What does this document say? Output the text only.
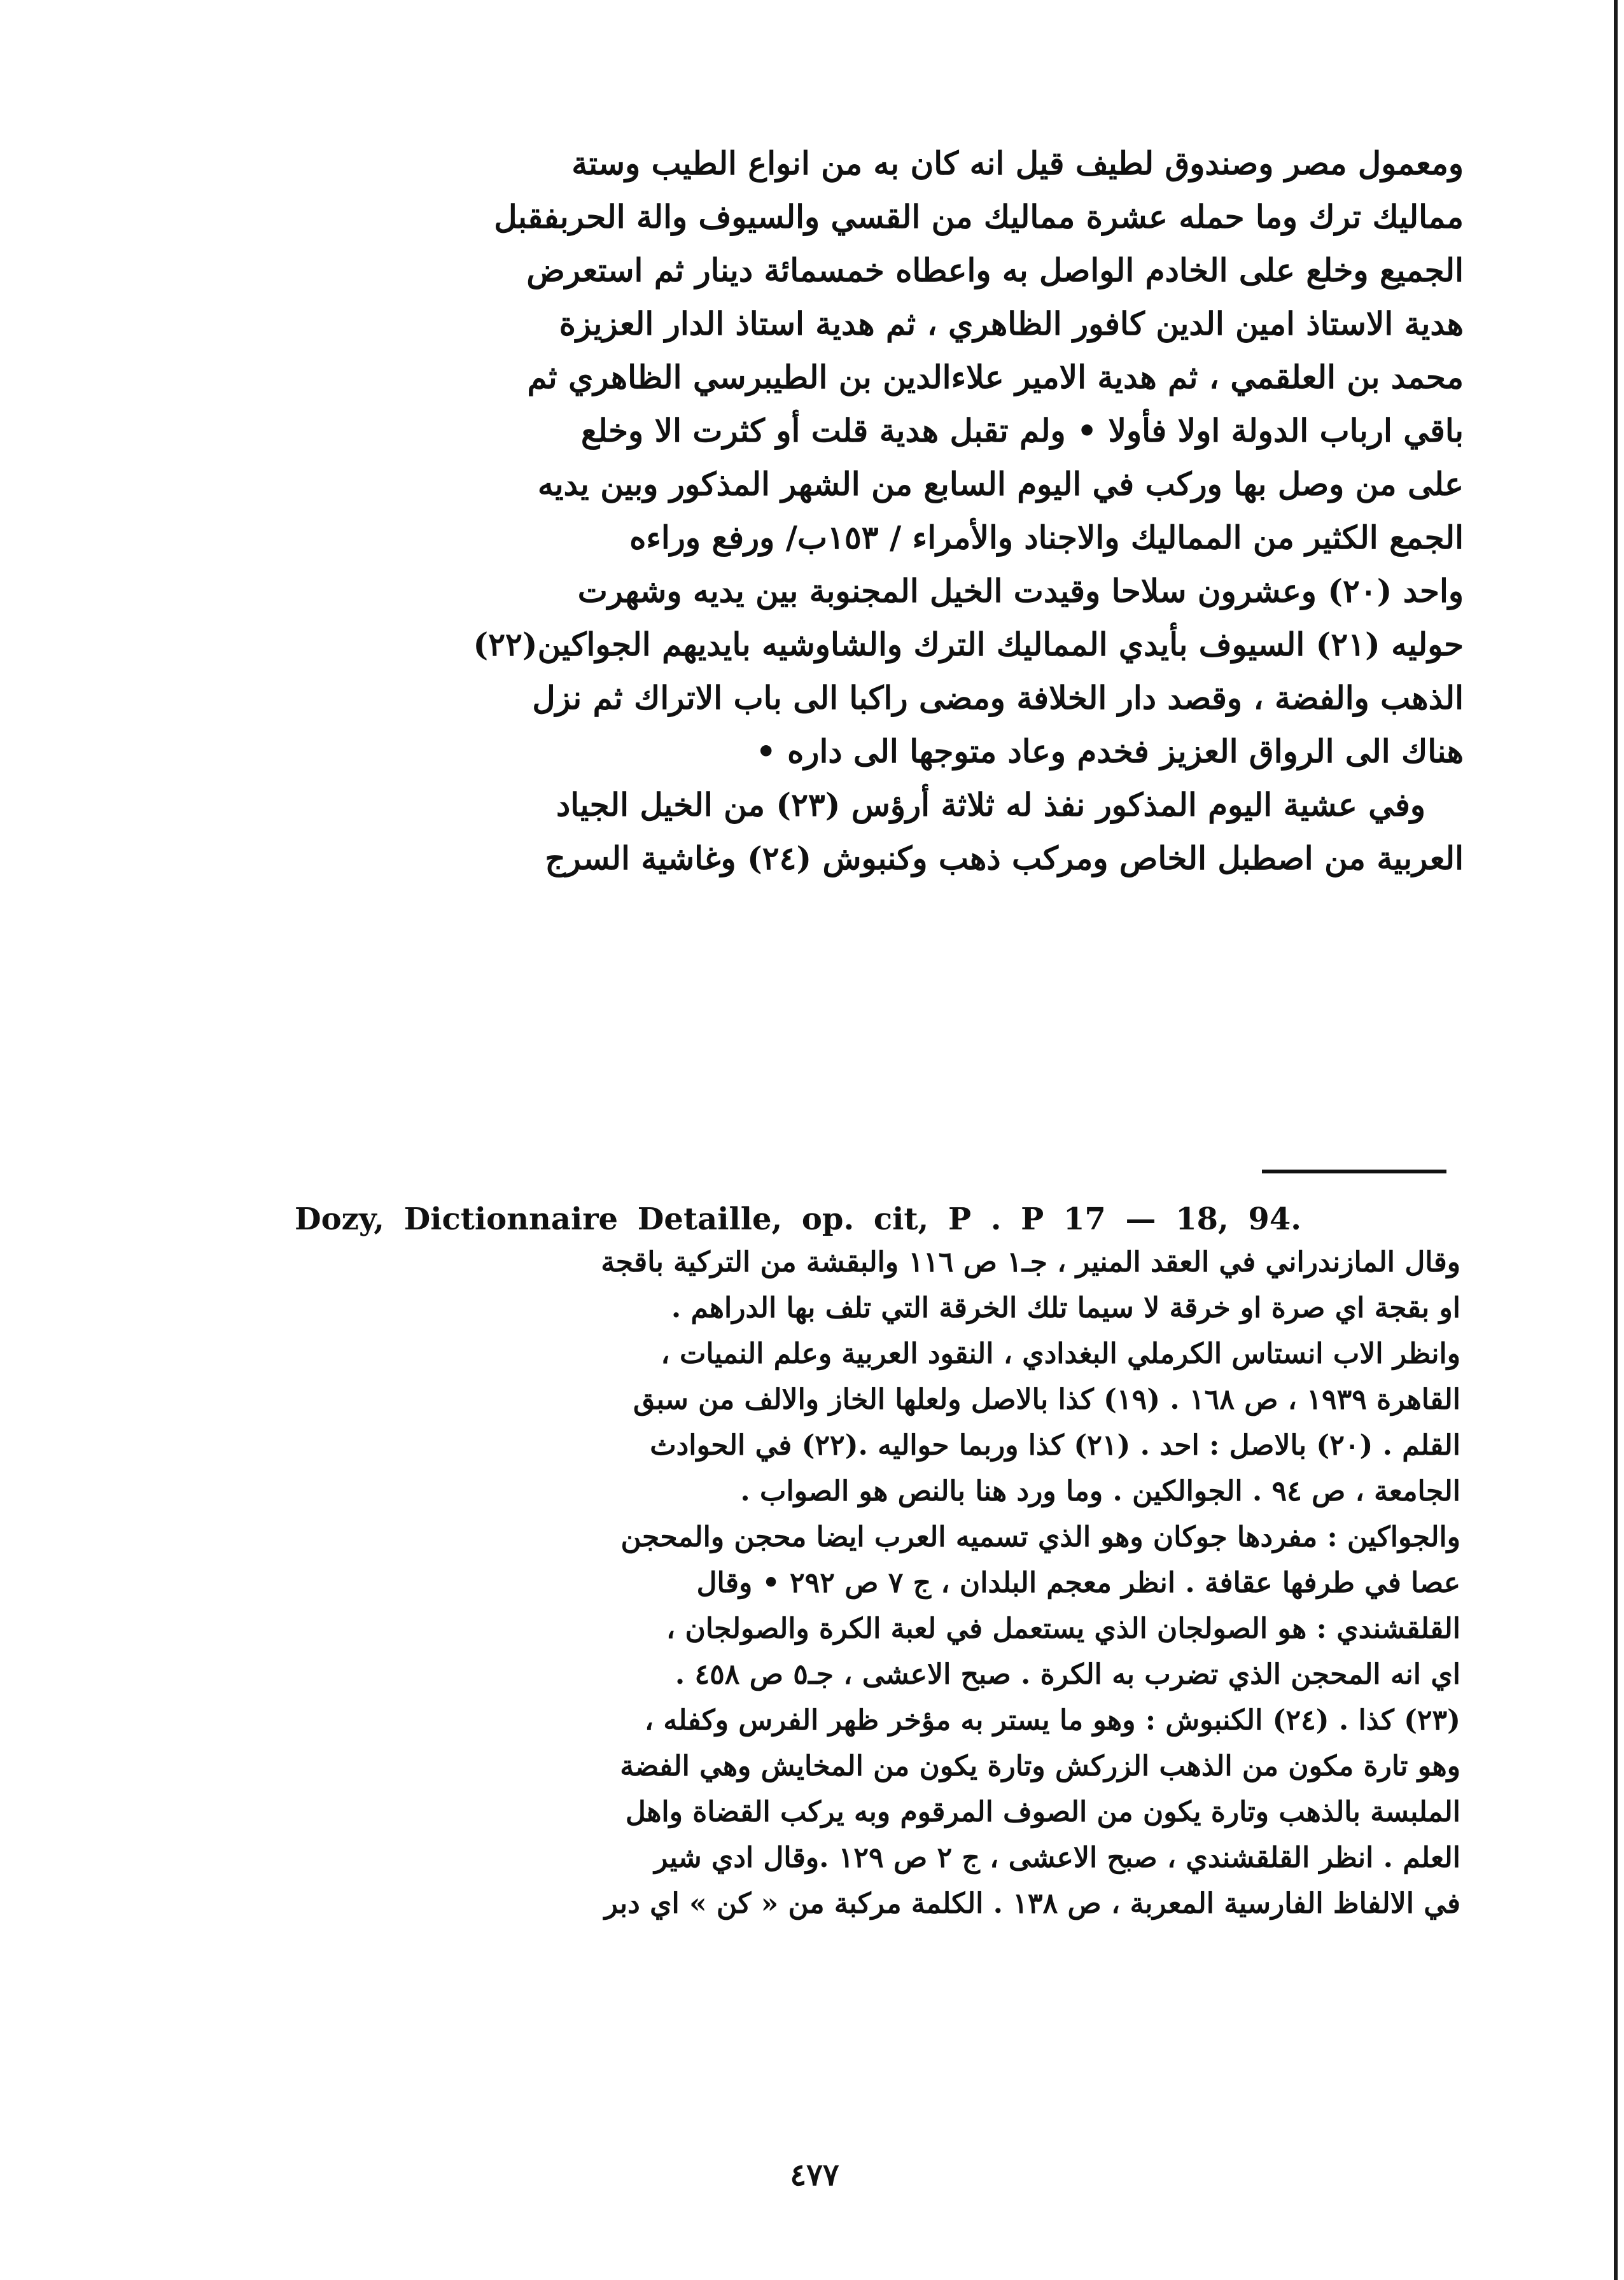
ومعمول مصر وصندوق لطيف قيل انه كان به من انواع الطيب وستة
مماليك ترك وما حمله عشرة مماليك من القسي والسيوف والة الحربفقبل
الجميع وخلع على الخادم الواصل به واعطاه خمسمائة دينار ثم استعرض
هدية الاستاذ امين الدين كافور الظاهري ، ثم هدية استاذ الدار العزيزة
محمد بن العلقمي ، ثم هدية الامير علاءالدين بن الطيبرسي الظاهري ثم
باقي ارباب الدولة اولا فأولا • ولم تقبل هدية قلت أو كثرت الا وخلع
على من وصل بها وركب في اليوم السابع من الشهر المذكور وبين يديه
الجمع الكثير من المماليك والاجناد والأمراء / ١٥٣ب/ ورفع وراءه
واحد (٢٠) وعشرون سلاحا وقيدت الخيل المجنوبة بين يديه وشهرت
حوليه (٢١) السيوف بأيدي المماليك الترك والشاوشيه بايديهم الجواكين(٢٢)
الذهب والفضة ، وقصد دار الخلافة ومضى راكبا الى باب الاتراك ثم نزل
هناك الى الرواق العزيز فخدم وعاد متوجها الى داره •
وفي عشية اليوم المذكور نفذ له ثلاثة أرؤس (٢٣) من الخيل الجياد
العربية من اصطبل الخاص ومركب ذهب وكنبوش (٢٤) وغاشية السرج
Dozy, Dictionnaire Detaille, op. cit, P . P 17 — 18, 94.
وقال المازندراني في العقد المنير ، جـ١ ص ١١٦ والبقشة من التركية باقجة
او بقجة اي صرة او خرقة لا سيما تلك الخرقة التي تلف بها الدراهم .
وانظر الاب انستاس الكرملي البغدادي ، النقود العربية وعلم النميات ،
القاهرة ١٩٣٩ ، ص ١٦٨ . (١٩) كذا بالاصل ولعلها الخاز والالف من سبق
القلم . (٢٠) بالاصل : احد . (٢١) كذا وربما حواليه .(٢٢) في الحوادث
الجامعة ، ص ٩٤ . الجوالكين . وما ورد هنا بالنص هو الصواب .
والجواكين : مفردها جوكان وهو الذي تسميه العرب ايضا محجن والمحجن
عصا في طرفها عقافة . انظر معجم البلدان ، ج ٧ ص ٢٩٢ • وقال
القلقشندي : هو الصولجان الذي يستعمل في لعبة الكرة والصولجان ،
اي انه المحجن الذي تضرب به الكرة . صبح الاعشى ، جـ٥ ص ٤٥٨ .
(٢٣) كذا . (٢٤) الكنبوش : وهو ما يستر به مؤخر ظهر الفرس وكفله ،
وهو تارة مكون من الذهب الزركش وتارة يكون من المخايش وهي الفضة
الملبسة بالذهب وتارة يكون من الصوف المرقوم وبه يركب القضاة واهل
العلم . انظر القلقشندي ، صبح الاعشى ، ج ٢ ص ١٢٩ .وقال ادي شير
في الالفاظ الفارسية المعربة ، ص ١٣٨ . الكلمة مركبة من « كن » اي دبر
٤٧٧
